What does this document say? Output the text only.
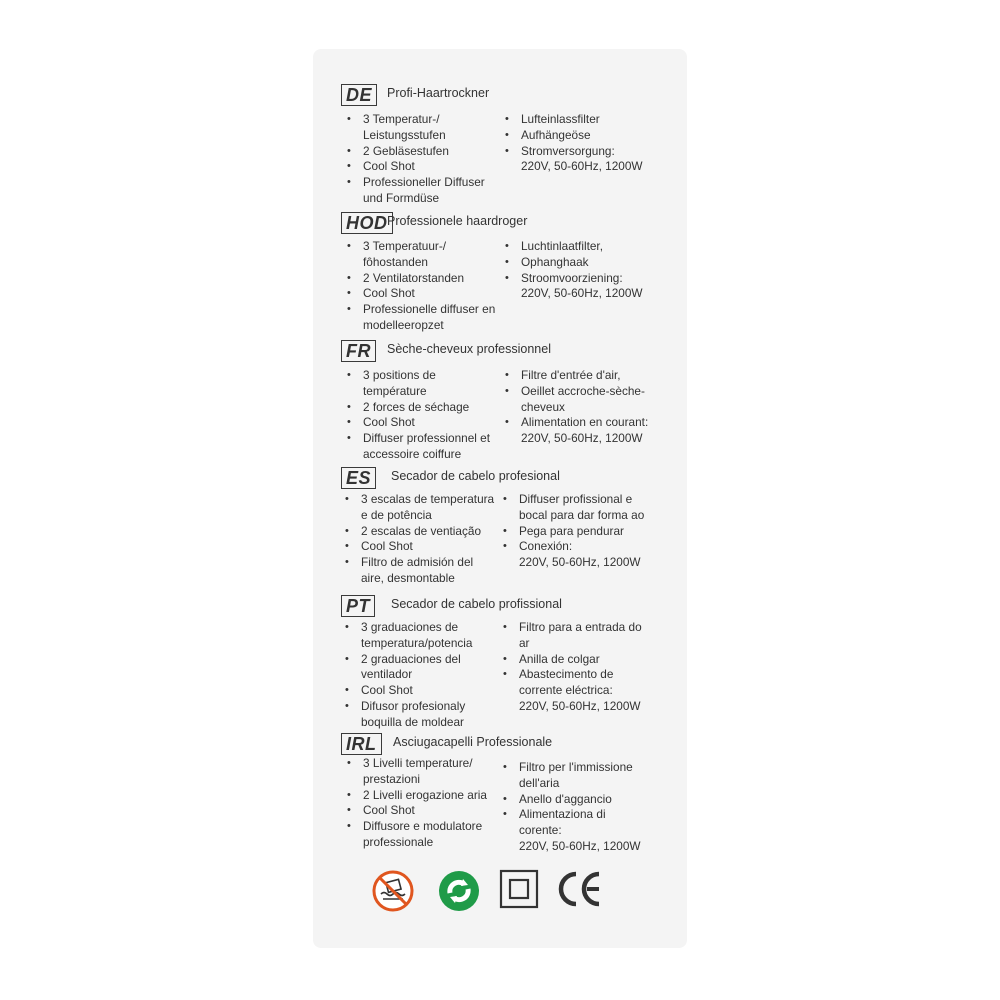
DE	Profi-Haartrockner
• 3 Temperatur-/
Leistungsstufen
• 2 Gebläsestufen
• Cool Shot
• Professioneller Diffuser
und Formdüse
• Lufteinlassfilter
• Aufhängeöse
• Stromversorgung:
220V, 50-60Hz, 1200W
HOD Professionele haardroger
• 3 Temperatuur-/
fôhostanden
• 2 Ventilatorstanden
• Cool Shot
• Professionelle diffuser en
modelleeropzet
• Luchtinlaatfilter,
• Ophanghaak
• Stroomvoorziening:
220V, 50-60Hz, 1200W
FR	Sèche-cheveux professionnel
• 3 positions de
température
• 2 forces de séchage
• Cool Shot
• Diffuser professionnel et
accessoire coiffure
• Filtre d'entrée d'air,
• Oeillet accroche-sèche-
cheveux
• Alimentation en courant:
220V, 50-60Hz, 1200W
ES	Secador de cabelo profesional
• 3 escalas de temperatura
e de potência
• 2 escalas de ventiação
• Cool Shot
• Filtro de admisión del
aire, desmontable
• Diffuser profissional e
bocal para dar forma ao
• Pega para pendurar
• Conexión:
220V, 50-60Hz, 1200W
PT	Secador de cabelo profissional
• 3 graduaciones de
temperatura/potencia
• 2 graduaciones del
ventilador
• Cool Shot
• Difusor profesionaly
boquilla de moldear
• Filtro para a entrada do
ar
• Anilla de colgar
• Abastecimento de
corrente eléctrica:
220V, 50-60Hz, 1200W
IRL	Asciugacapelli Professionale
• 3 Livelli temperature/
prestazioni
• 2 Livelli erogazione aria
• Cool Shot
• Diffusore e modulatore
professionale
• Filtro per l'immissione
dell'aria
• Anello d'aggancio
• Alimentaziona di
corente:
220V, 50-60Hz, 1200W
